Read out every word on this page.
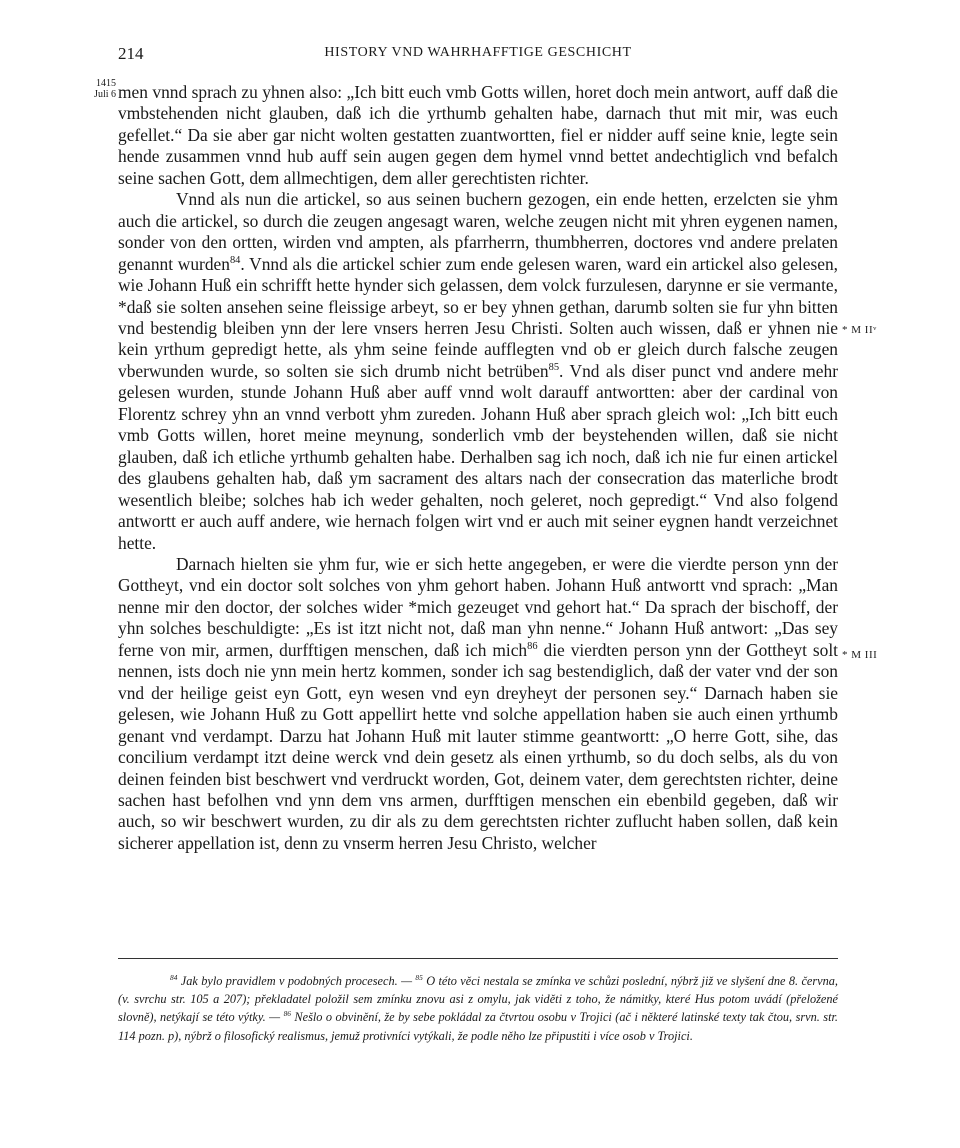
214	HISTORY VND WAHRHAFFTIGE GESCHICHT
1415
Juli 6
* M IIᵛ
* M III

men vnnd sprach zu yhnen also: „Ich bitt euch vmb Gotts willen, horet doch mein antwort, auff daß die vmbstehenden nicht glauben, daß ich die yrthumb gehalten habe, darnach thut mit mir, was euch gefellet.“ Da sie aber gar nicht wolten gestatten zuantwortten, fiel er nidder auff seine knie, legte sein hende zusammen vnnd hub auff sein augen gegen dem hymel vnnd bettet andechtiglich vnd befalch seine sachen Gott, dem allmechtigen, dem aller gerechtisten richter.

Vnnd als nun die artickel, so aus seinen buchern gezogen, ein ende hetten, erzelcten sie yhm auch die artickel, so durch die zeugen angesagt waren, welche zeugen nicht mit yhren eygenen namen, sonder von den ortten, wirden vnd ampten, als pfarrherrn, thumbherren, doctores vnd andere prelaten genannt wurden$^{84}$. Vnnd als die artickel schier zum ende gelesen waren, ward ein artickel also gelesen, wie Johann Huß ein schrifft hette hynder sich gelassen, dem volck furzulesen, darynne er sie vermante, *daß sie solten ansehen seine fleissige arbeyt, so er bey yhnen gethan, darumb solten sie fur yhn bitten vnd bestendig bleiben ynn der lere vnsers herren Jesu Christi. Solten auch wissen, daß er yhnen nie kein yrthum gepredigt hette, als yhm seine feinde aufflegten vnd ob er gleich durch falsche zeugen vberwunden wurde, so solten sie sich drumb nicht betrüben$^{85}$. Vnd als diser punct vnd andere mehr gelesen wurden, stunde Johann Huß aber auff vnnd wolt darauff antwortten: aber der cardinal von Florentz schrey yhn an vnnd verbott yhm zureden. Johann Huß aber sprach gleich wol: „Ich bitt euch vmb Gotts willen, horet meine meynung, sonderlich vmb der beystehenden willen, daß sie nicht glauben, daß ich etliche yrthumb gehalten habe. Derhalben sag ich noch, daß ich nie fur einen artickel des glaubens gehalten hab, daß ym sacrament des altars nach der consecration das materliche brodt wesentlich bleibe; solches hab ich weder gehalten, noch geleret, noch gepredigt.“ Vnd also folgend antwortt er auch auff andere, wie hernach folgen wirt vnd er auch mit seiner eygnen handt verzeichnet hette.

Darnach hielten sie yhm fur, wie er sich hette angegeben, er were die vierdte person ynn der Gottheyt, vnd ein doctor solt solches von yhm gehort haben. Johann Huß antwortt vnd sprach: „Man nenne mir den doctor, der solches wider *mich gezeuget vnd gehort hat.“ Da sprach der bischoff, der yhn solches beschuldigte: „Es ist itzt nicht not, daß man yhn nenne.“ Johann Huß antwort: „Das sey ferne von mir, armen, durfftigen menschen, daß ich mich$^{86}$ die vierdten person ynn der Gottheyt solt nennen, ists doch nie ynn mein hertz kommen, sonder ich sag bestendiglich, daß der vater vnd der son vnd der heilige geist eyn Gott, eyn wesen vnd eyn dreyheyt der personen sey.“ Darnach haben sie gelesen, wie Johann Huß zu Gott appellirt hette vnd solche appellation haben sie auch einen yrthumb genant vnd verdampt. Darzu hat Johann Huß mit lauter stimme geantwortt: „O herre Gott, sihe, das concilium verdampt itzt deine werck vnd dein gesetz als einen yrthumb, so du doch selbs, als du von deinen feinden bist beschwert vnd verdruckt worden, Got, deinem vater, dem gerechtsten richter, deine sachen hast befolhen vnd ynn dem vns armen, durfftigen menschen ein ebenbild gegeben, daß wir auch, so wir beschwert wurden, zu dir als zu dem gerechtsten richter zuflucht haben sollen, daß kein sicherer appellation ist, denn zu vnserm herren Jesu Christo, welcher

$^{84}$ Jak bylo pravidlem v podobných procesech. — $^{85}$ O této věci nestala se zmínka ve schůzi poslední, nýbrž již ve slyšení dne 8. června, (v. svrchu str. 105 a 207); překladatel položil sem zmínku znovu asi z omylu, jak viděti z toho, že námitky, které Hus potom uvádí (přeložené slovně), netýkají se této výtky. — $^{86}$ Nešlo o obvinění, že by sebe pokládal za čtvrtou osobu v Trojici (ač i některé latinské texty tak čtou, srvn. str. 114 pozn. p), nýbrž o filosofický realismus, jemuž protivníci vytýkali, že podle něho lze připustiti i více osob v Trojici.
